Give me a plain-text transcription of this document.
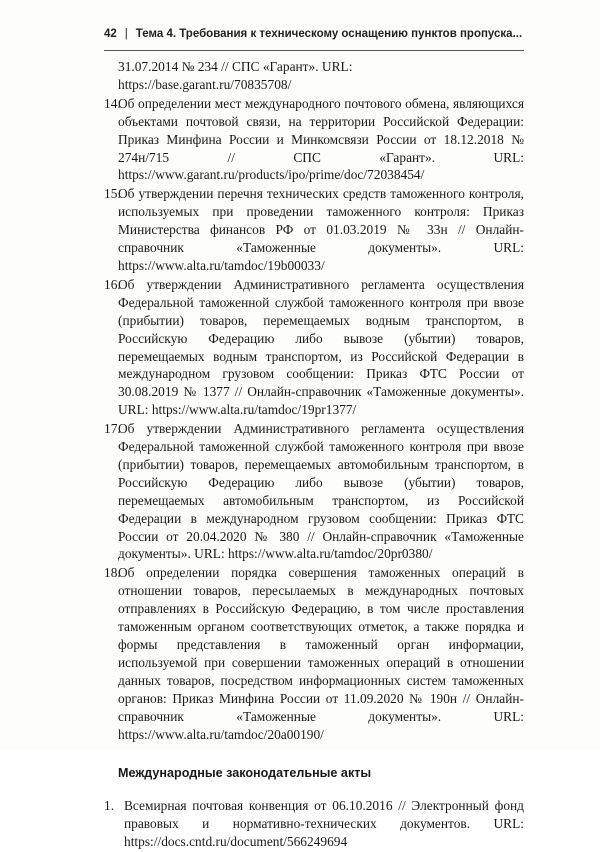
42 | Тема 4. Требования к техническому оснащению пунктов пропуска...

31.07.2014 № 234 // СПС «Гарант». URL: https://base.garant.ru/70835708/

14.
Об определении мест международного почтового обмена, являющихся объектами почтовой связи, на территории Российской Федерации: Приказ Минфина России и Минкомсвязи России от 18.12.2018 № 274н/715 // СПС «Гарант». URL: https://www.garant.ru/products/ipo/prime/doc/72038454/
15.
Об утверждении перечня технических средств таможенного контроля, используемых при проведении таможенного контроля: Приказ Министерства финансов РФ от 01.03.2019 № 33н // Онлайн-справочник «Таможенные документы». URL: https://www.alta.ru/tamdoc/19b00033/
16.
Об утверждении Административного регламента осуществления Федеральной таможенной службой таможенного контроля при ввозе (прибытии) товаров, перемещаемых водным транспортом, в Российскую Федерацию либо вывозе (убытии) товаров, перемещаемых водным транспортом, из Российской Федерации в международном грузовом сообщении: Приказ ФТС России от 30.08.2019 № 1377 // Онлайн-справочник «Таможенные документы». URL: https://www.alta.ru/tamdoc/19pr1377/
17.
Об утверждении Административного регламента осуществления Федеральной таможенной службой таможенного контроля при ввозе (прибытии) товаров, перемещаемых автомобильным транспортом, в Российскую Федерацию либо вывозе (убытии) товаров, перемещаемых автомобильным транспортом, из Российской Федерации в международном грузовом сообщении: Приказ ФТС России от 20.04.2020 № 380 // Онлайн-справочник «Таможенные документы». URL: https://www.alta.ru/tamdoc/20pr0380/
18.
Об определении порядка совершения таможенных операций в отношении товаров, пересылаемых в международных почтовых отправлениях в Российскую Федерацию, в том числе проставления таможенным органом соответствующих отметок, а также порядка и формы представления в таможенный орган информации, используемой при совершении таможенных операций в отношении данных товаров, посредством информационных систем таможенных органов: Приказ Минфина России от 11.09.2020 № 190н // Онлайн-справочник «Таможенные документы». URL: https://www.alta.ru/tamdoc/20a00190/
Международные законодательные акты
1. Всемирная почтовая конвенция от 06.10.2016 // Электронный фонд правовых и нормативно-технических документов. URL: https://docs.cntd.ru/document/566249694
